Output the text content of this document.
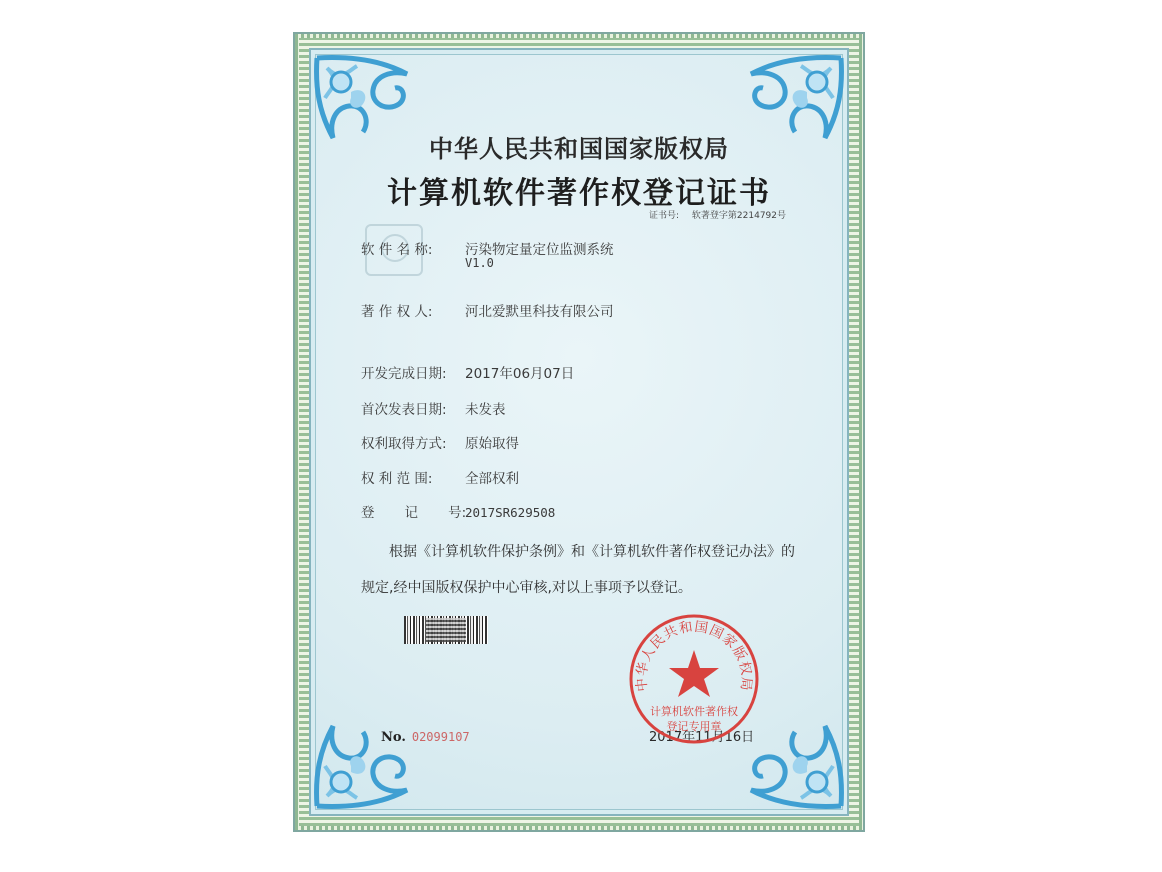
中华人民共和国国家版权局
计算机软件著作权登记证书
证书号: 软著登字第2214792号
软 件 名 称: 污染物定量定位监测系统
V1.0
著 作 权 人: 河北爱默里科技有限公司
开发完成日期: 2017年06月07日
首次发表日期: 未发表
权利取得方式: 原始取得
权 利 范 围: 全部权利
登       记       号:2017SR629508
根据《计算机软件保护条例》和《计算机软件著作权登记办法》的
规定,经中国版权保护中心审核,对以上事项予以登记。
No. 02099107	2017年11月16日
中华人民共和国国家版权局
计算机软件著作权
登记专用章
